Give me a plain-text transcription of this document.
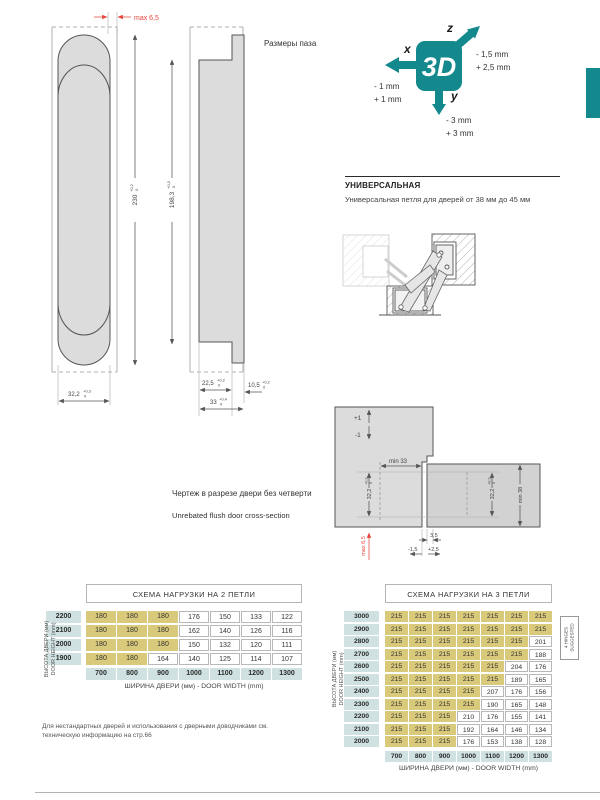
max 6,5
230
+0,2 0
198,3
+0,3 0
32,2
+0,3
0
22,5
+0,2
0
33
+0,4
0
10,5
+0,2
0
Размеры паза
3D
x
z
y
- 1,5 mm
+ 2,5 mm
- 1 mm
+ 1 mm
- 3 mm
+ 3 mm
УНИВЕРСАЛЬНАЯ

Универсальная петля для дверей от 38 мм до 45 мм

+1
-1
min 33
32,2
+0,3 0
32,2
+0,3 0
min 38
3,5
-1,5 +2,5
max 6,5
Чертеж в разрезе двери без четверти
Unrebated flush door cross-section
ВЫСОТА ДВЕРИ (мм)
DOOR HEIGHT (mm)
СХЕМА НАГРУЗКИ НА 2 ПЕТЛИ
2200	180	180	180	176	150	133	122
2100	180	180	180	162	140	126	116
2000	180	180	180	150	132	120	111
1900	180	180	164	140	125	114	107
700	800	900	1000	1100	1200	1300
ШИРИНА ДВЕРИ (мм) - DOOR WIDTH (mm)	ВЫСОТА ДВЕРИ (мм)
DOOR HEIGHT (mm)
СХЕМА НАГРУЗКИ НА 3 ПЕТЛИ
3000	215	215	215	215	215	215	215
2900	215	215	215	215	215	215	215
2800	215	215	215	215	215	215	201
2700	215	215	215	215	215	215	188
2600	215	215	215	215	215	204	176
2500	215	215	215	215	215	189	165
2400	215	215	215	215	207	176	156
2300	215	215	215	215	190	165	148
2200	215	215	215	210	176	155	141
2100	215	215	215	192	164	146	134
2000	215	215	215	176	153	138	128
700	800	900	1000	1100	1200	1300
ШИРИНА ДВЕРИ (мм) - DOOR WIDTH (mm)
4 HINGES
SUGGESTED
Для нестандартных дверей и использования с дверными доводчиками см.
техническую информацию на стр.66
